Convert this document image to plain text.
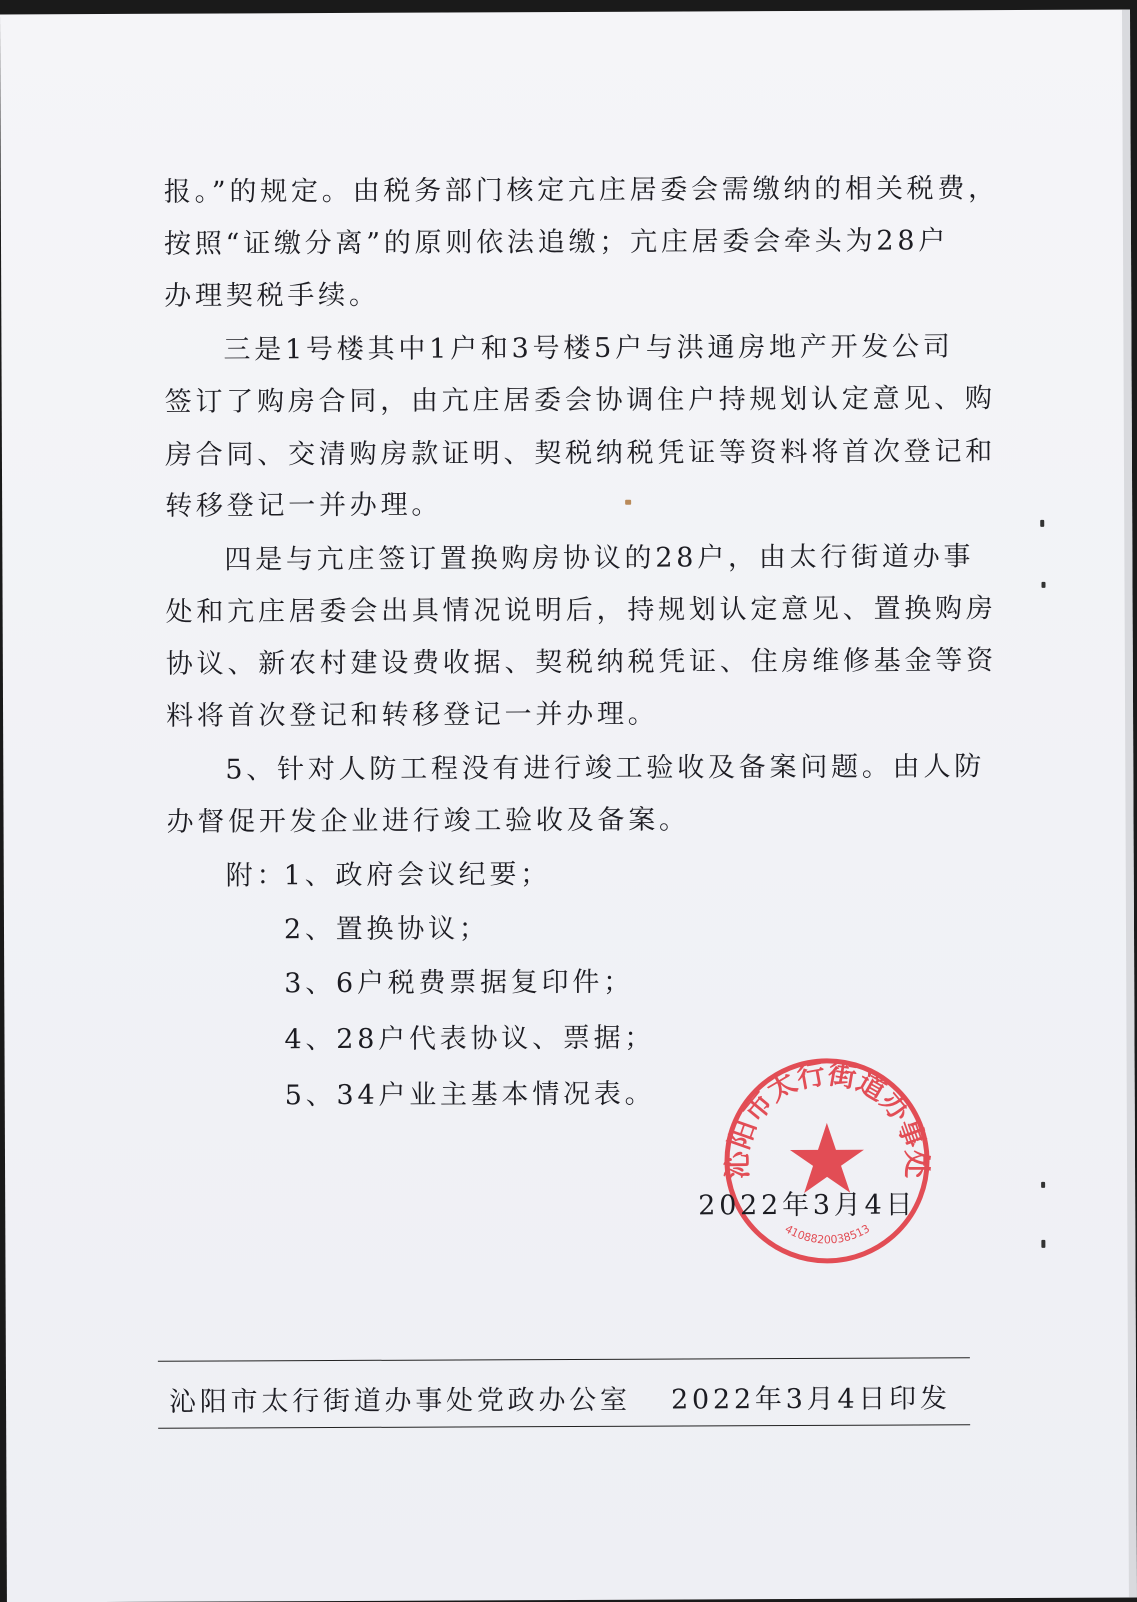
报。”的规定。由税务部门核定亢庄居委会需缴纳的相关税费，
按照“证缴分离”的原则依法追缴；亢庄居委会牵头为28户
办理契税手续。
三是1号楼其中1户和3号楼5户与洪通房地产开发公司
签订了购房合同，由亢庄居委会协调住户持规划认定意见、购
房合同、交清购房款证明、契税纳税凭证等资料将首次登记和
转移登记一并办理。
四是与亢庄签订置换购房协议的28户，由太行街道办事
处和亢庄居委会出具情况说明后，持规划认定意见、置换购房
协议、新农村建设费收据、契税纳税凭证、住房维修基金等资
料将首次登记和转移登记一并办理。
5、针对人防工程没有进行竣工验收及备案问题。由人防
办督促开发企业进行竣工验收及备案。
附：
1、政府会议纪要；
2、置换协议；
3、6户税费票据复印件；
4、28户代表协议、票据；
5、34户业主基本情况表。
沁阳市太行街道办事处
4108820038513
2022年3月4日
沁阳市太行街道办事处党政办公室 2022年3月4日印发
